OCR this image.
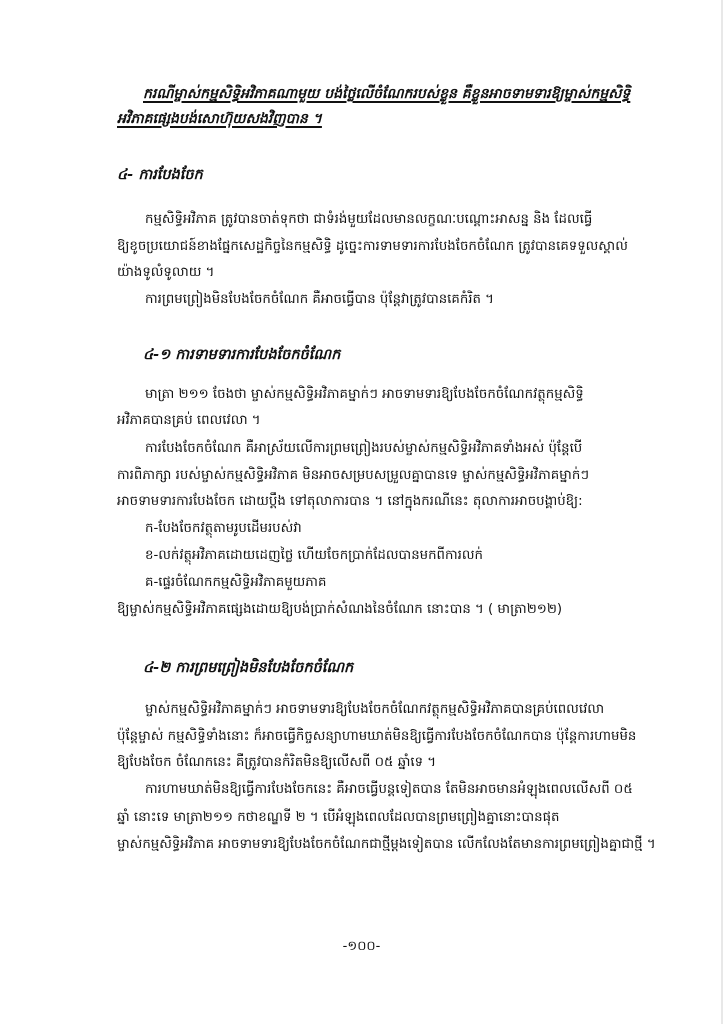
ករណីម្ចាស់កម្មសិទ្ធិអវិភាគណាមួយ បង់ថ្លៃលើចំណែករបស់ខ្លួន គឺខ្លួនអាចទាមទារឱ្យម្ចាស់កម្មសិទ្ធិ
អវិភាគផ្សេងបង់សោហ៊ុយសងវិញបាន ។
៤- ការបែងចែក
កម្មសិទ្ធិអវិភាគ ត្រូវបានចាត់ទុកថា ជាទំរង់មួយដែលមានលក្ខណៈបណ្ដោះអាសន្ន និង ដែលធ្វើ
ឱ្យខូចប្រយោជន៍ខាងផ្នែកសេដ្ឋកិច្ចនៃកម្មសិទ្ធិ ដូច្នេះការទាមទារការបែងចែកចំណែក ត្រូវបានគេទទួលស្គាល់
យ៉ាងទូលំទូលាយ ។
ការព្រមព្រៀងមិនបែងចែកចំណែក គឺអាចធ្វើបាន ប៉ុន្តែវាត្រូវបានគេកំរិត ។
៤-១ ការទាមទារការបែងចែកចំណែក
មាត្រា ២១១ ចែងថា ម្ចាស់កម្មសិទ្ធិអវិភាគម្នាក់ៗ អាចទាមទារឱ្យបែងចែកចំណែកវត្ថុកម្មសិទ្ធិ
អវិភាគបានគ្រប់ ពេលវេលា ។
ការបែងចែកចំណែក គឺអាស្រ័យលើការព្រមព្រៀងរបស់ម្ចាស់កម្មសិទ្ធិអវិភាគទាំងអស់ ប៉ុន្តែបើ
ការពិភាក្សា របស់ម្ចាស់កម្មសិទ្ធិអវិភាគ មិនអាចសម្របសម្រួលគ្នាបានទេ ម្ចាស់កម្មសិទ្ធិអវិភាគម្នាក់ៗ
អាចទាមទារការបែងចែក ដោយប្ដឹង ទៅតុលាការបាន ។ នៅក្នុងករណីនេះ តុលាការអាចបង្គាប់ឱ្យ:
ក-បែងចែកវត្ថុតាមរូបដើមរបស់វា
ខ-លក់វត្ថុអវិភាគដោយដេញថ្លៃ ហើយចែកប្រាក់ដែលបានមកពីការលក់
គ-ផ្ទេរចំណែកកម្មសិទ្ធិអវិភាគមួយភាគ
ឱ្យម្ចាស់កម្មសិទ្ធិអវិភាគផ្សេងដោយឱ្យបង់ប្រាក់សំណងនៃចំណែក នោះបាន ។ ( មាត្រា២១២)
៤-២ ការព្រមព្រៀងមិនបែងចែកចំណែក
ម្ចាស់កម្មសិទ្ធិអវិភាគម្នាក់ៗ អាចទាមទារឱ្យបែងចែកចំណែកវត្ថុកម្មសិទ្ធិអវិភាគបានគ្រប់ពេលវេលា
ប៉ុន្តែម្ចាស់ កម្មសិទ្ធិទាំងនោះ ក៏អាចធ្វើកិច្ចសន្យាហាមឃាត់មិនឱ្យធ្វើការបែងចែកចំណែកបាន ប៉ុន្តែការហាមមិន
ឱ្យបែងចែក ចំណែកនេះ គឺត្រូវបានកំរិតមិនឱ្យលើសពី ០៥ ឆ្នាំទេ ។
ការហាមឃាត់មិនឱ្យធ្វើការបែងចែកនេះ គឺអាចធ្វើបន្តទៀតបាន តែមិនអាចមានអំឡុងពេលលើសពី ០៥
ឆ្នាំ នោះទេ មាត្រា២១១ កថាខណ្ឌទី ២ ។ បើអំឡុងពេលដែលបានព្រមព្រៀងគ្នានោះបានផុត
ម្ចាស់កម្មសិទ្ធិអវិភាគ អាចទាមទារឱ្យបែងចែកចំណែកជាថ្មីម្ដងទៀតបាន លើកលែងតែមានការព្រមព្រៀងគ្នាជាថ្មី ។
-១០០-
